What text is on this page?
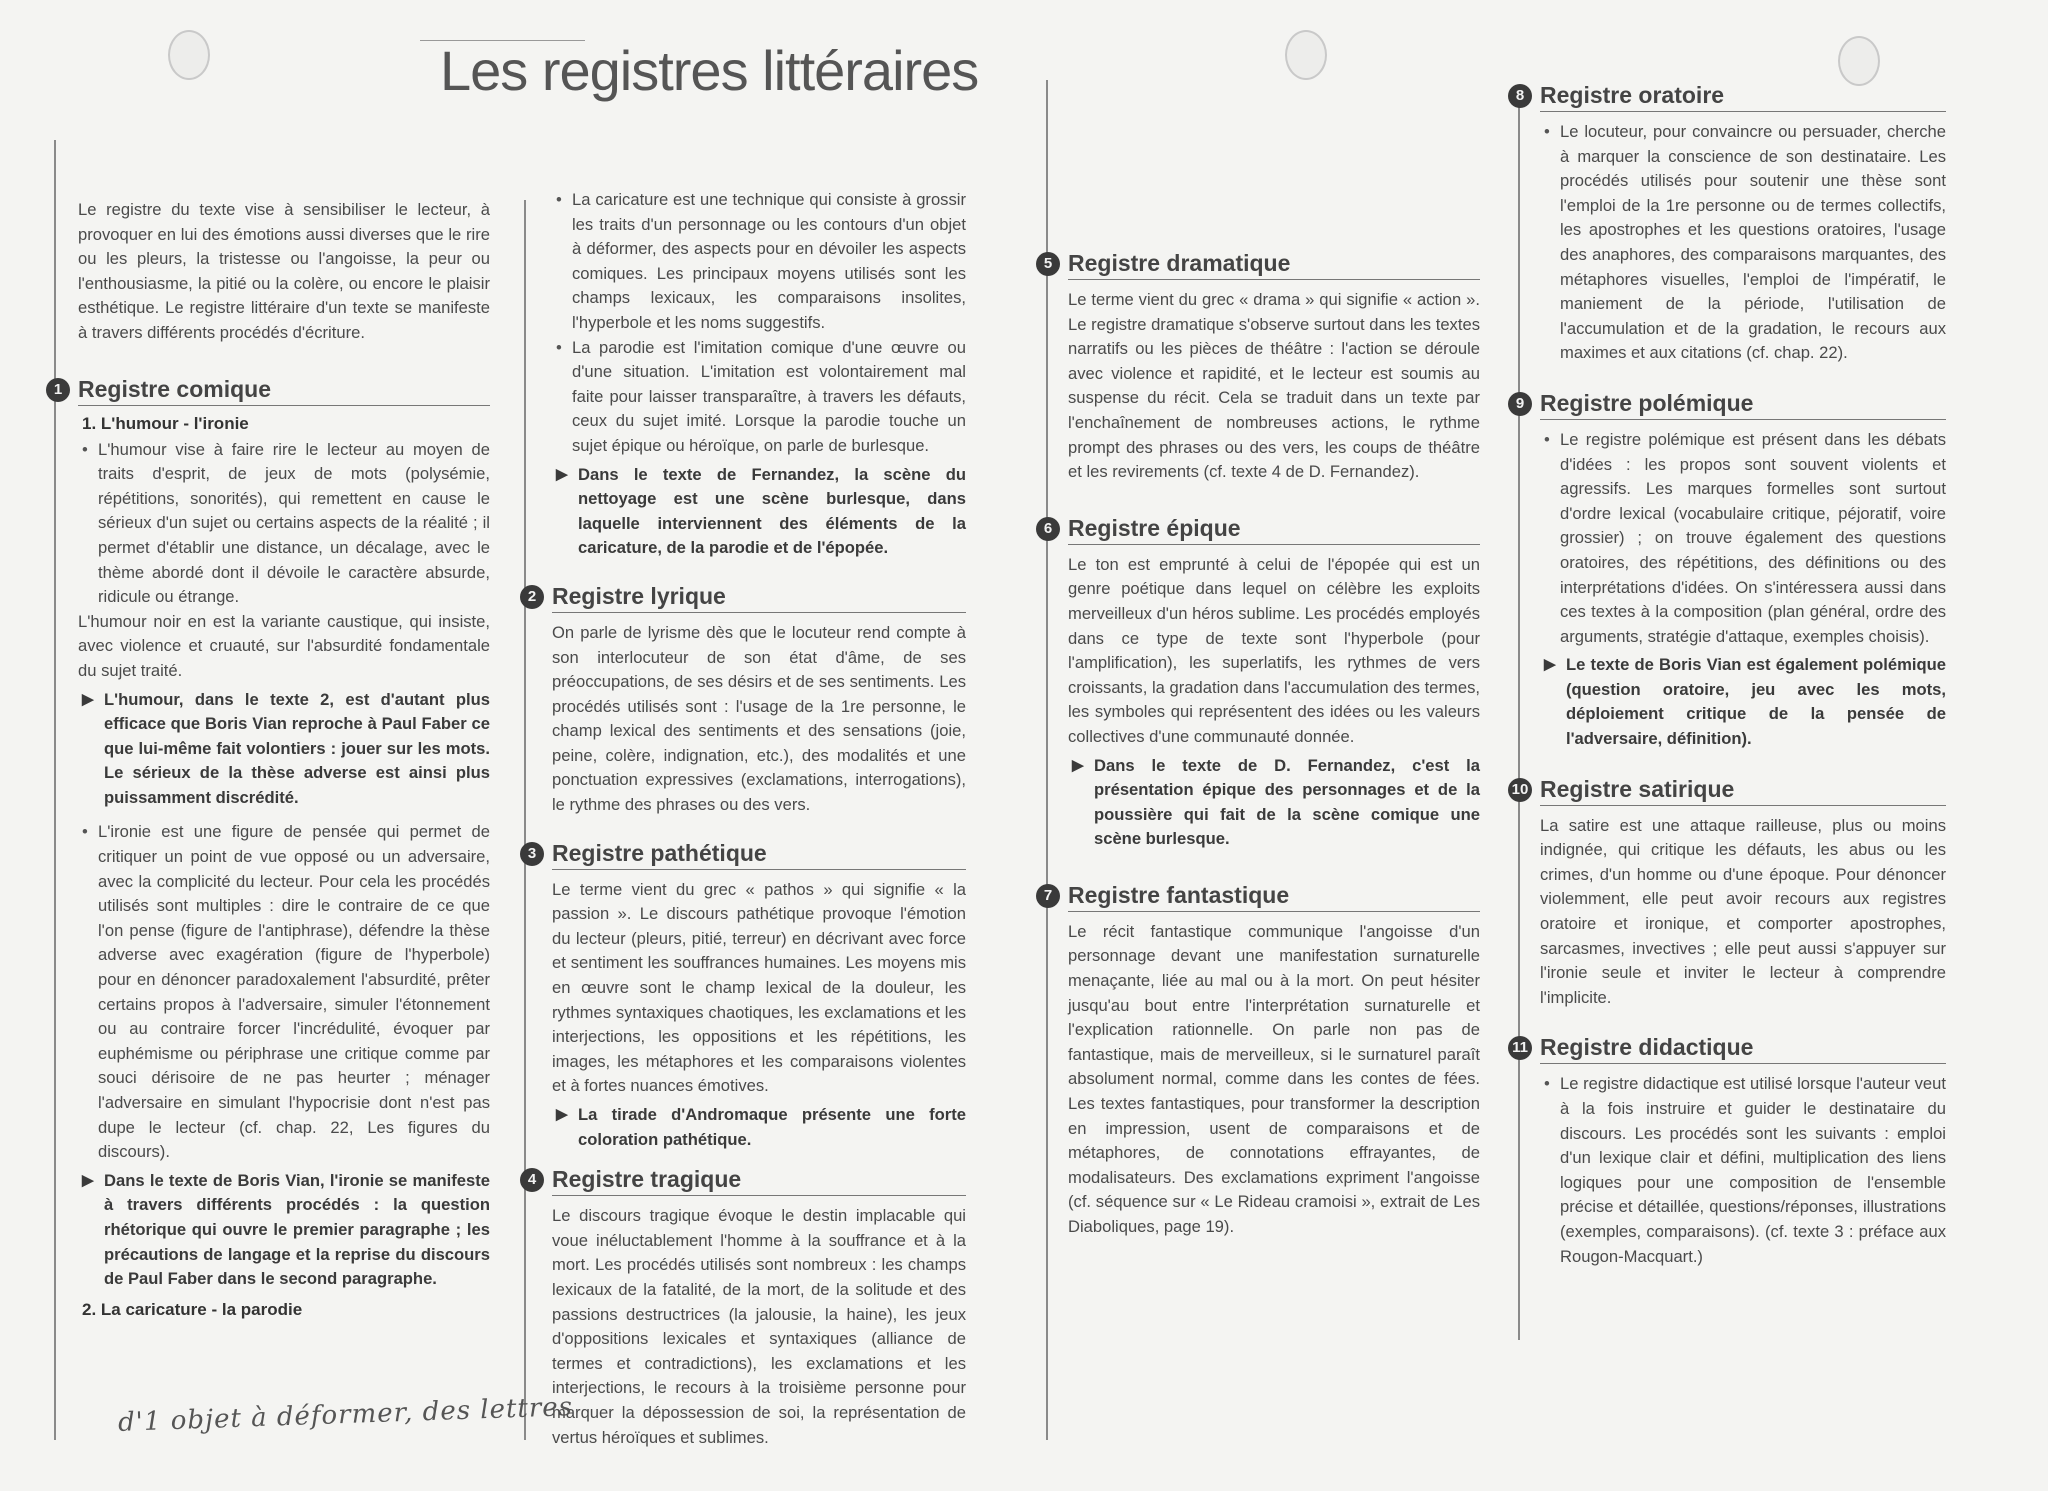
Les registres littéraires

Le registre du texte vise à sensibiliser le lecteur, à provoquer en lui des émotions aussi diverses que le rire ou les pleurs, la tristesse ou l'angoisse, la peur ou l'enthousiasme, la pitié ou la colère, ou encore le plaisir esthétique. Le registre littéraire d'un texte se manifeste à travers différents procédés d'écriture.

1 Registre comique
1. L'humour - l'ironie
• L'humour vise à faire rire le lecteur au moyen de traits d'esprit, de jeux de mots (polysémie, répétitions, sonorités), qui remettent en cause le sérieux d'un sujet ou certains aspects de la réalité ; il permet d'établir une distance, un décalage, avec le thème abordé dont il dévoile le caractère absurde, ridicule ou étrange.

L'humour noir en est la variante caustique, qui insiste, avec violence et cruauté, sur l'absurdité fondamentale du sujet traité.

▶ L'humour, dans le texte 2, est d'autant plus efficace que Boris Vian reproche à Paul Faber ce que lui-même fait volontiers : jouer sur les mots. Le sérieux de la thèse adverse est ainsi plus puissamment discrédité.
• L'ironie est une figure de pensée qui permet de critiquer un point de vue opposé ou un adversaire, avec la complicité du lecteur. Pour cela les procédés utilisés sont multiples : dire le contraire de ce que l'on pense (figure de l'antiphrase), défendre la thèse adverse avec exagération (figure de l'hyperbole) pour en dénoncer paradoxalement l'absurdité, prêter certains propos à l'adversaire, simuler l'étonnement ou au contraire forcer l'incrédulité, évoquer par euphémisme ou périphrase une critique comme par souci dérisoire de ne pas heurter ; ménager l'adversaire en simulant l'hypocrisie dont n'est pas dupe le lecteur (cf. chap. 22, Les figures du discours).
▶ Dans le texte de Boris Vian, l'ironie se manifeste à travers différents procédés : la question rhétorique qui ouvre le premier paragraphe ; les précautions de langage et la reprise du discours de Paul Faber dans le second paragraphe.
2. La caricature - la parodie
• La caricature est une technique qui consiste à grossir les traits d'un personnage ou les contours d'un objet à déformer, des aspects pour en dévoiler les aspects comiques. Les principaux moyens utilisés sont les champs lexicaux, les comparaisons insolites, l'hyperbole et les noms suggestifs.
• La parodie est l'imitation comique d'une œuvre ou d'une situation. L'imitation est volontairement mal faite pour laisser transparaître, à travers les défauts, ceux du sujet imité. Lorsque la parodie touche un sujet épique ou héroïque, on parle de burlesque.
▶ Dans le texte de Fernandez, la scène du nettoyage est une scène burlesque, dans laquelle interviennent des éléments de la caricature, de la parodie et de l'épopée.
2 Registre lyrique

On parle de lyrisme dès que le locuteur rend compte à son interlocuteur de son état d'âme, de ses préoccupations, de ses désirs et de ses sentiments. Les procédés utilisés sont : l'usage de la 1re personne, le champ lexical des sentiments et des sensations (joie, peine, colère, indignation, etc.), des modalités et une ponctuation expressives (exclamations, interrogations), le rythme des phrases ou des vers.

3 Registre pathétique

Le terme vient du grec « pathos » qui signifie « la passion ». Le discours pathétique provoque l'émotion du lecteur (pleurs, pitié, terreur) en décrivant avec force et sentiment les souffrances humaines. Les moyens mis en œuvre sont le champ lexical de la douleur, les rythmes syntaxiques chaotiques, les exclamations et les interjections, les oppositions et les répétitions, les images, les métaphores et les comparaisons violentes et à fortes nuances émotives.

▶ La tirade d'Andromaque présente une forte coloration pathétique.
4 Registre tragique

Le discours tragique évoque le destin implacable qui voue inéluctablement l'homme à la souffrance et à la mort. Les procédés utilisés sont nombreux : les champs lexicaux de la fatalité, de la mort, de la solitude et des passions destructrices (la jalousie, la haine), les jeux d'oppositions lexicales et syntaxiques (alliance de termes et contradictions), les exclamations et les interjections, le recours à la troisième personne pour marquer la dépossession de soi, la représentation de vertus héroïques et sublimes.

5 Registre dramatique

Le terme vient du grec « drama » qui signifie « action ». Le registre dramatique s'observe surtout dans les textes narratifs ou les pièces de théâtre : l'action se déroule avec violence et rapidité, et le lecteur est soumis au suspense du récit. Cela se traduit dans un texte par l'enchaînement de nombreuses actions, le rythme prompt des phrases ou des vers, les coups de théâtre et les revirements (cf. texte 4 de D. Fernandez).

6 Registre épique

Le ton est emprunté à celui de l'épopée qui est un genre poétique dans lequel on célèbre les exploits merveilleux d'un héros sublime. Les procédés employés dans ce type de texte sont l'hyperbole (pour l'amplification), les superlatifs, les rythmes de vers croissants, la gradation dans l'accumulation des termes, les symboles qui représentent des idées ou les valeurs collectives d'une communauté donnée.

▶ Dans le texte de D. Fernandez, c'est la présentation épique des personnages et de la poussière qui fait de la scène comique une scène burlesque.
7 Registre fantastique

Le récit fantastique communique l'angoisse d'un personnage devant une manifestation surnaturelle menaçante, liée au mal ou à la mort. On peut hésiter jusqu'au bout entre l'interprétation surnaturelle et l'explication rationnelle. On parle non pas de fantastique, mais de merveilleux, si le surnaturel paraît absolument normal, comme dans les contes de fées. Les textes fantastiques, pour transformer la description en impression, usent de comparaisons et de métaphores, de connotations effrayantes, de modalisateurs. Des exclamations expriment l'angoisse (cf. séquence sur « Le Rideau cramoisi », extrait de Les Diaboliques, page 19).

8 Registre oratoire
• Le locuteur, pour convaincre ou persuader, cherche à marquer la conscience de son destinataire. Les procédés utilisés pour soutenir une thèse sont l'emploi de la 1re personne ou de termes collectifs, les apostrophes et les questions oratoires, l'usage des anaphores, des comparaisons marquantes, des métaphores visuelles, l'emploi de l'impératif, le maniement de la période, l'utilisation de l'accumulation et de la gradation, le recours aux maximes et aux citations (cf. chap. 22).
9 Registre polémique
• Le registre polémique est présent dans les débats d'idées : les propos sont souvent violents et agressifs. Les marques formelles sont surtout d'ordre lexical (vocabulaire critique, péjoratif, voire grossier) ; on trouve également des questions oratoires, des répétitions, des définitions ou des interprétations d'idées. On s'intéressera aussi dans ces textes à la composition (plan général, ordre des arguments, stratégie d'attaque, exemples choisis).
▶ Le texte de Boris Vian est également polémique (question oratoire, jeu avec les mots, déploiement critique de la pensée de l'adversaire, définition).
10 Registre satirique

La satire est une attaque railleuse, plus ou moins indignée, qui critique les défauts, les abus ou les crimes, d'un homme ou d'une époque. Pour dénoncer violemment, elle peut avoir recours aux registres oratoire et ironique, et comporter apostrophes, sarcasmes, invectives ; elle peut aussi s'appuyer sur l'ironie seule et inviter le lecteur à comprendre l'implicite.

11 Registre didactique
• Le registre didactique est utilisé lorsque l'auteur veut à la fois instruire et guider le destinataire du discours. Les procédés sont les suivants : emploi d'un lexique clair et défini, multiplication des liens logiques pour une composition de l'ensemble précise et détaillée, questions/réponses, illustrations (exemples, comparaisons). (cf. texte 3 : préface aux Rougon-Macquart.)
d'1 objet à déformer, des lettres
